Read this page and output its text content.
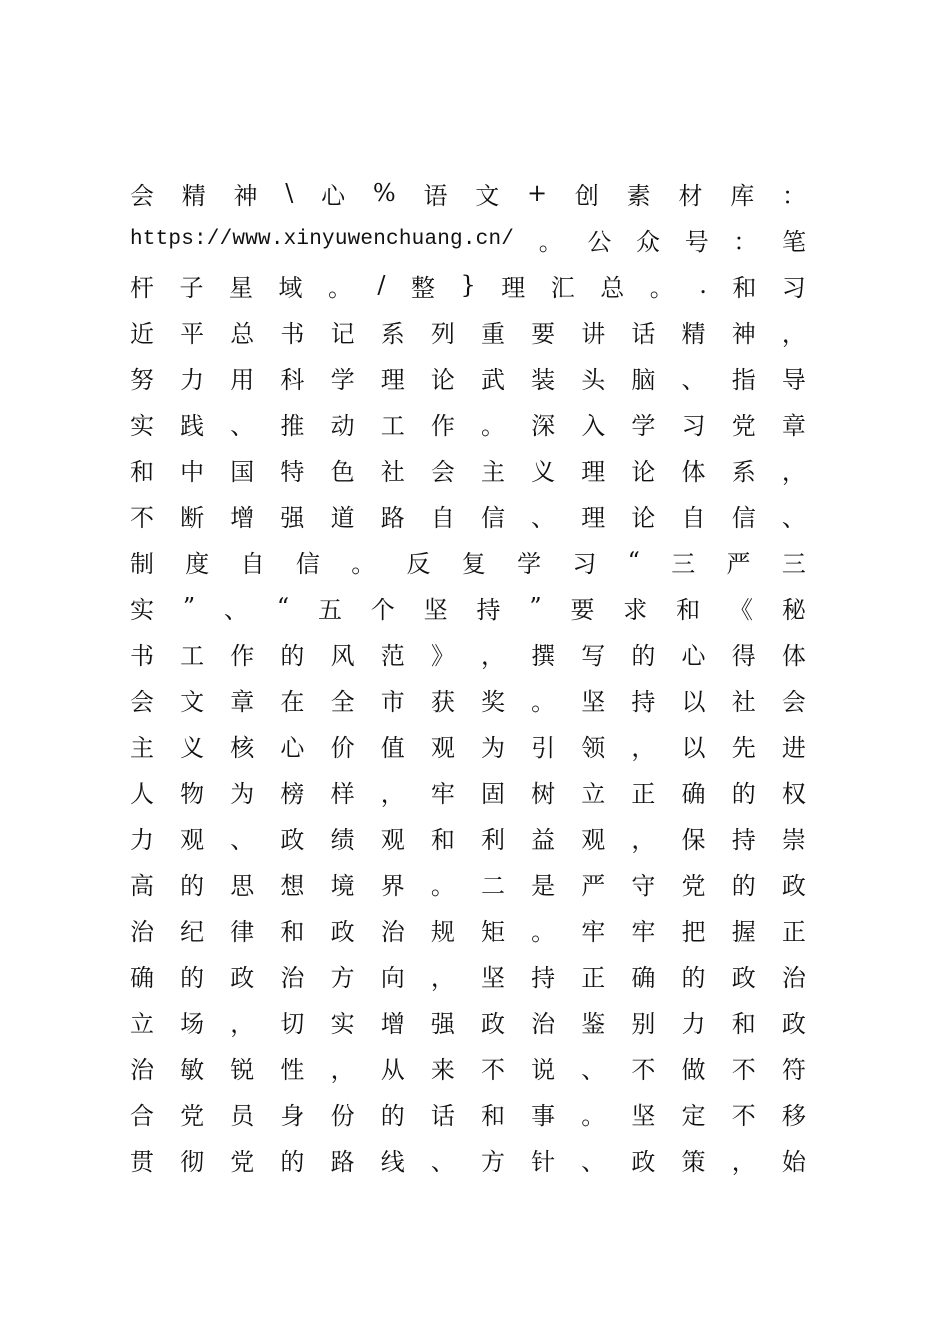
会 精 神 \ 心 % 语 文 + 创 素 材 库 ：
https://www.xinyuwenchuang.cn/ 。 公 众 号 ： 笔
杆 子 星 域 。 / 整 } 理 汇 总 。 . 和 习
近 平 总 书 记 系 列 重 要 讲 话 精 神 ，
努 力 用 科 学 理 论 武 装 头 脑 、 指 导
实 践 、 推 动 工 作 。 深 入 学 习 党 章
和 中 国 特 色 社 会 主 义 理 论 体 系 ，
不 断 增 强 道 路 自 信 、 理 论 自 信 、
制 度 自 信 。 反 复 学 习 “ 三 严 三
实 ” 、 “ 五 个 坚 持 ” 要 求 和 《 秘
书 工 作 的 风 范 》 ， 撰 写 的 心 得 体
会 文 章 在 全 市 获 奖 。 坚 持 以 社 会
主 义 核 心 价 值 观 为 引 领 ， 以 先 进
人 物 为 榜 样 ， 牢 固 树 立 正 确 的 权
力 观 、 政 绩 观 和 利 益 观 ， 保 持 崇
高 的 思 想 境 界 。 二 是 严 守 党 的 政
治 纪 律 和 政 治 规 矩 。 牢 牢 把 握 正
确 的 政 治 方 向 ， 坚 持 正 确 的 政 治
立 场 ， 切 实 增 强 政 治 鉴 别 力 和 政
治 敏 锐 性 ， 从 来 不 说 、 不 做 不 符
合 党 员 身 份 的 话 和 事 。 坚 定 不 移
贯 彻 党 的 路 线 、 方 针 、 政 策 ， 始
